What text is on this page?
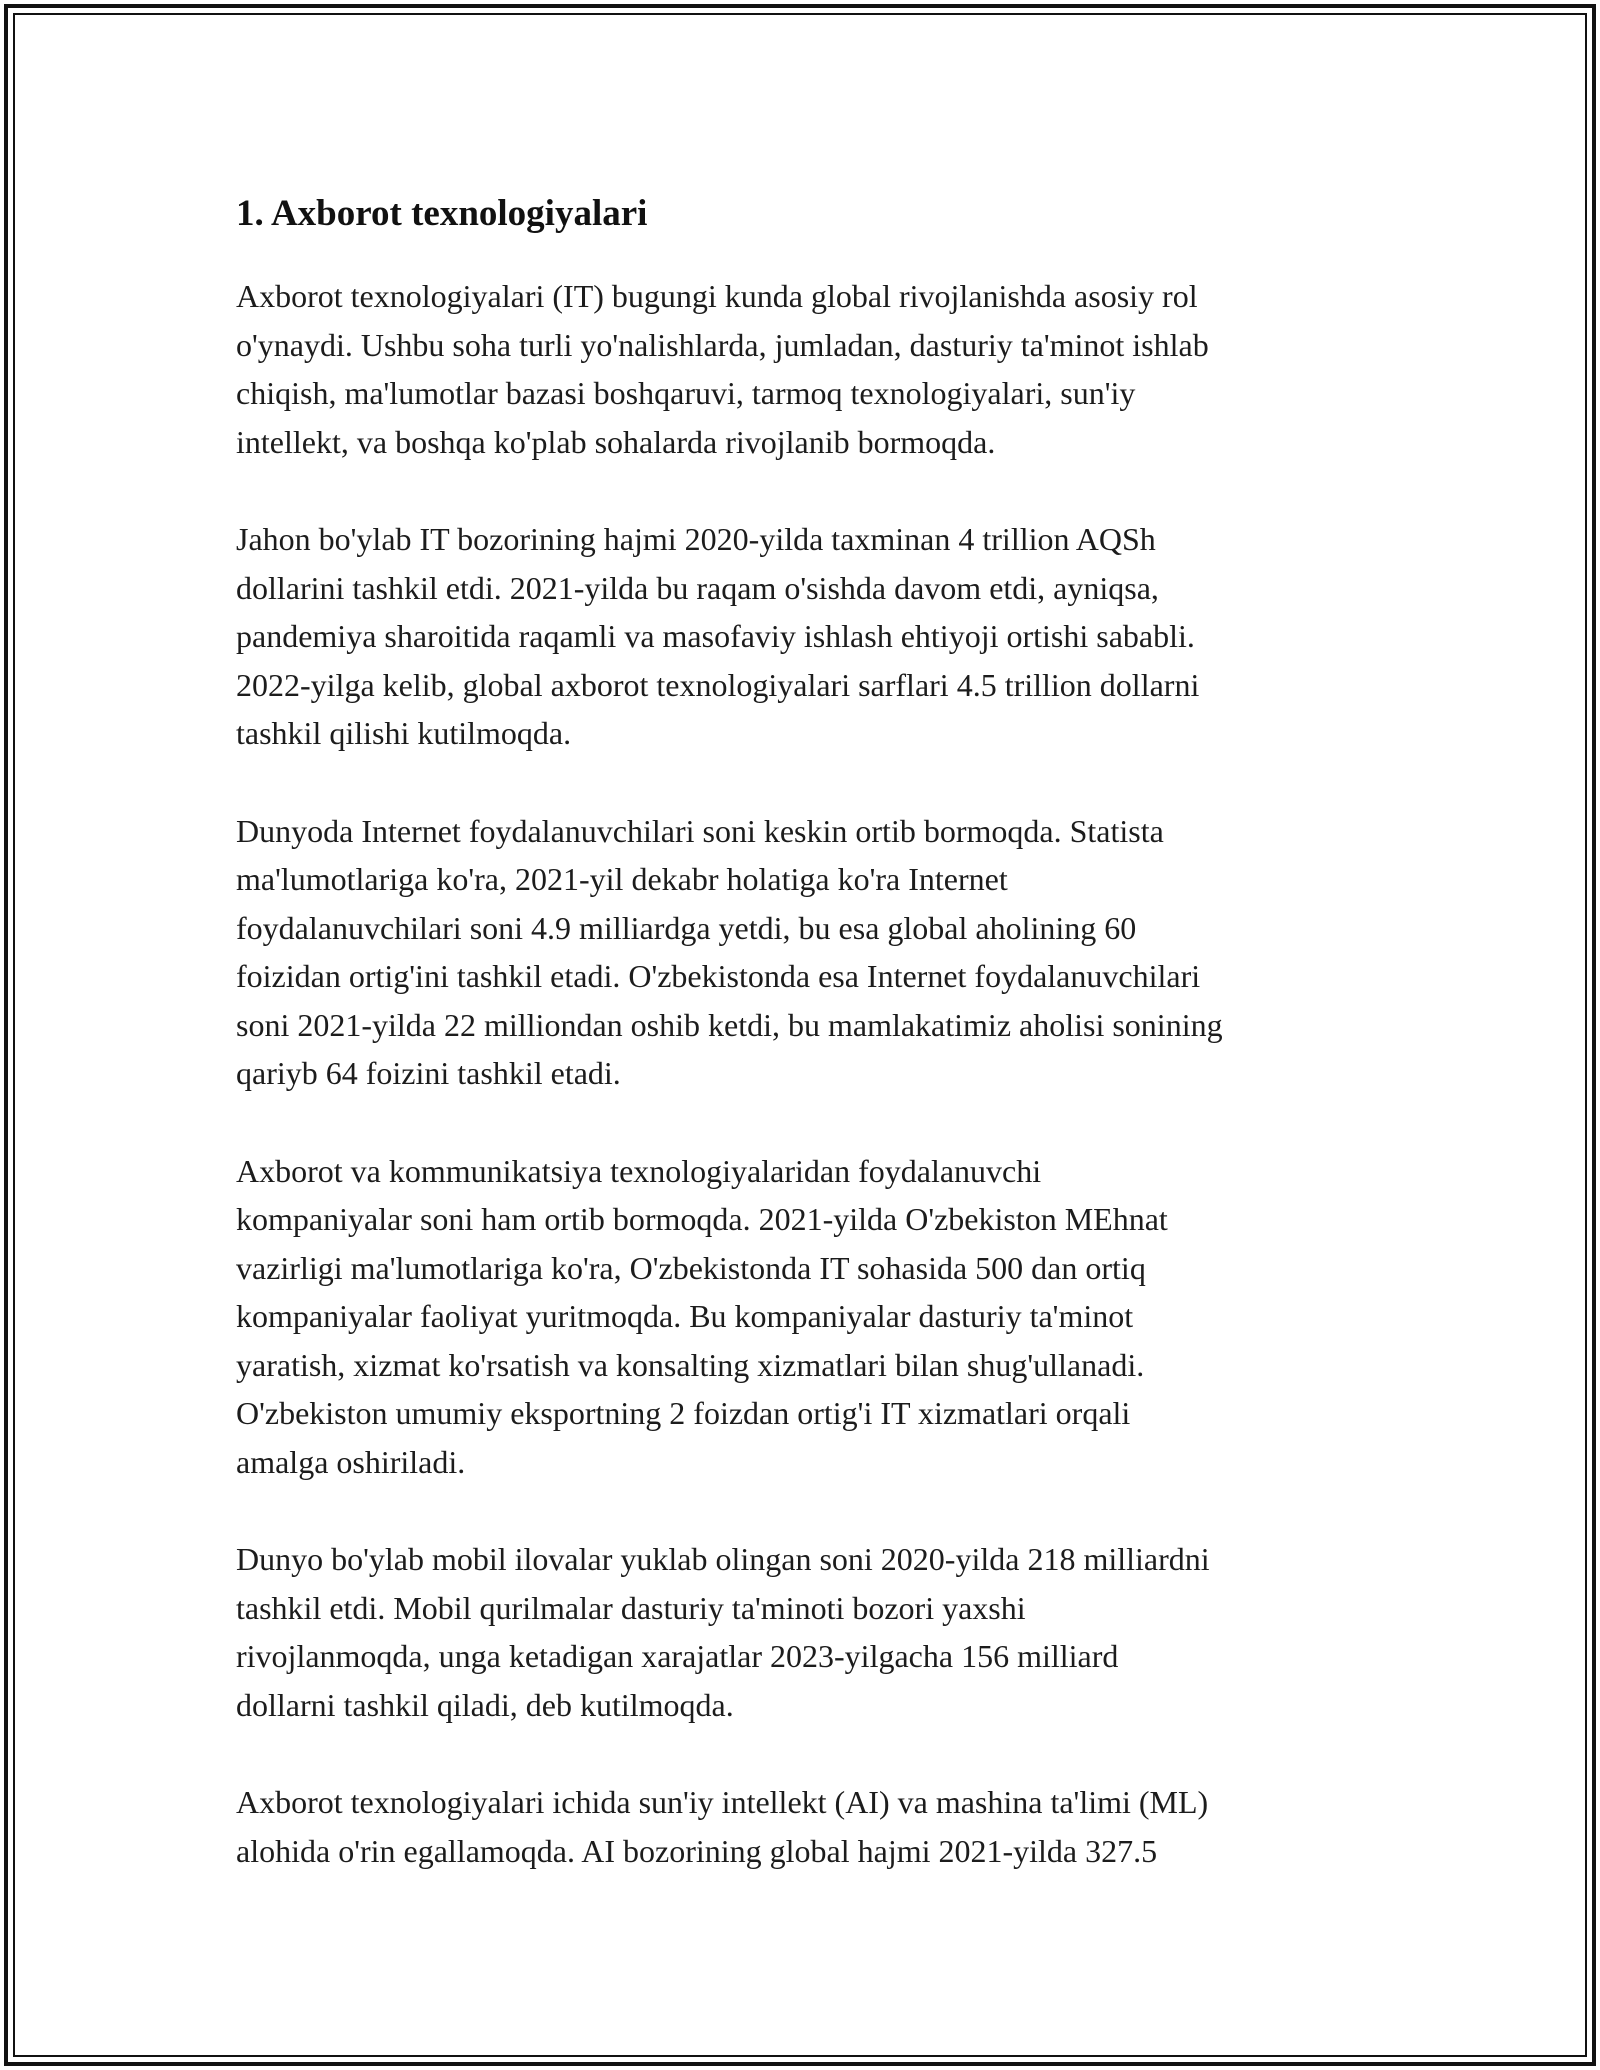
1. Axborot texnologiyalari

Axborot texnologiyalari (IT) bugungi kunda global rivojlanishda asosiy rol
o'ynaydi. Ushbu soha turli yo'nalishlarda, jumladan, dasturiy ta'minot ishlab
chiqish, ma'lumotlar bazasi boshqaruvi, tarmoq texnologiyalari, sun'iy
intellekt, va boshqa ko'plab sohalarda rivojlanib bormoqda.

Jahon bo'ylab IT bozorining hajmi 2020-yilda taxminan 4 trillion AQSh
dollarini tashkil etdi. 2021-yilda bu raqam o'sishda davom etdi, ayniqsa,
pandemiya sharoitida raqamli va masofaviy ishlash ehtiyoji ortishi sababli.
2022-yilga kelib, global axborot texnologiyalari sarflari 4.5 trillion dollarni
tashkil qilishi kutilmoqda.

Dunyoda Internet foydalanuvchilari soni keskin ortib bormoqda. Statista
ma'lumotlariga ko'ra, 2021-yil dekabr holatiga ko'ra Internet
foydalanuvchilari soni 4.9 milliardga yetdi, bu esa global aholining 60
foizidan ortig'ini tashkil etadi. O'zbekistonda esa Internet foydalanuvchilari
soni 2021-yilda 22 milliondan oshib ketdi, bu mamlakatimiz aholisi sonining
qariyb 64 foizini tashkil etadi.

Axborot va kommunikatsiya texnologiyalaridan foydalanuvchi
kompaniyalar soni ham ortib bormoqda. 2021-yilda O'zbekiston MEhnat
vazirligi ma'lumotlariga ko'ra, O'zbekistonda IT sohasida 500 dan ortiq
kompaniyalar faoliyat yuritmoqda. Bu kompaniyalar dasturiy ta'minot
yaratish, xizmat ko'rsatish va konsalting xizmatlari bilan shug'ullanadi.
O'zbekiston umumiy eksportning 2 foizdan ortig'i IT xizmatlari orqali
amalga oshiriladi.

Dunyo bo'ylab mobil ilovalar yuklab olingan soni 2020-yilda 218 milliardni
tashkil etdi. Mobil qurilmalar dasturiy ta'minoti bozori yaxshi
rivojlanmoqda, unga ketadigan xarajatlar 2023-yilgacha 156 milliard
dollarni tashkil qiladi, deb kutilmoqda.

Axborot texnologiyalari ichida sun'iy intellekt (AI) va mashina ta'limi (ML)
alohida o'rin egallamoqda. AI bozorining global hajmi 2021-yilda 327.5
